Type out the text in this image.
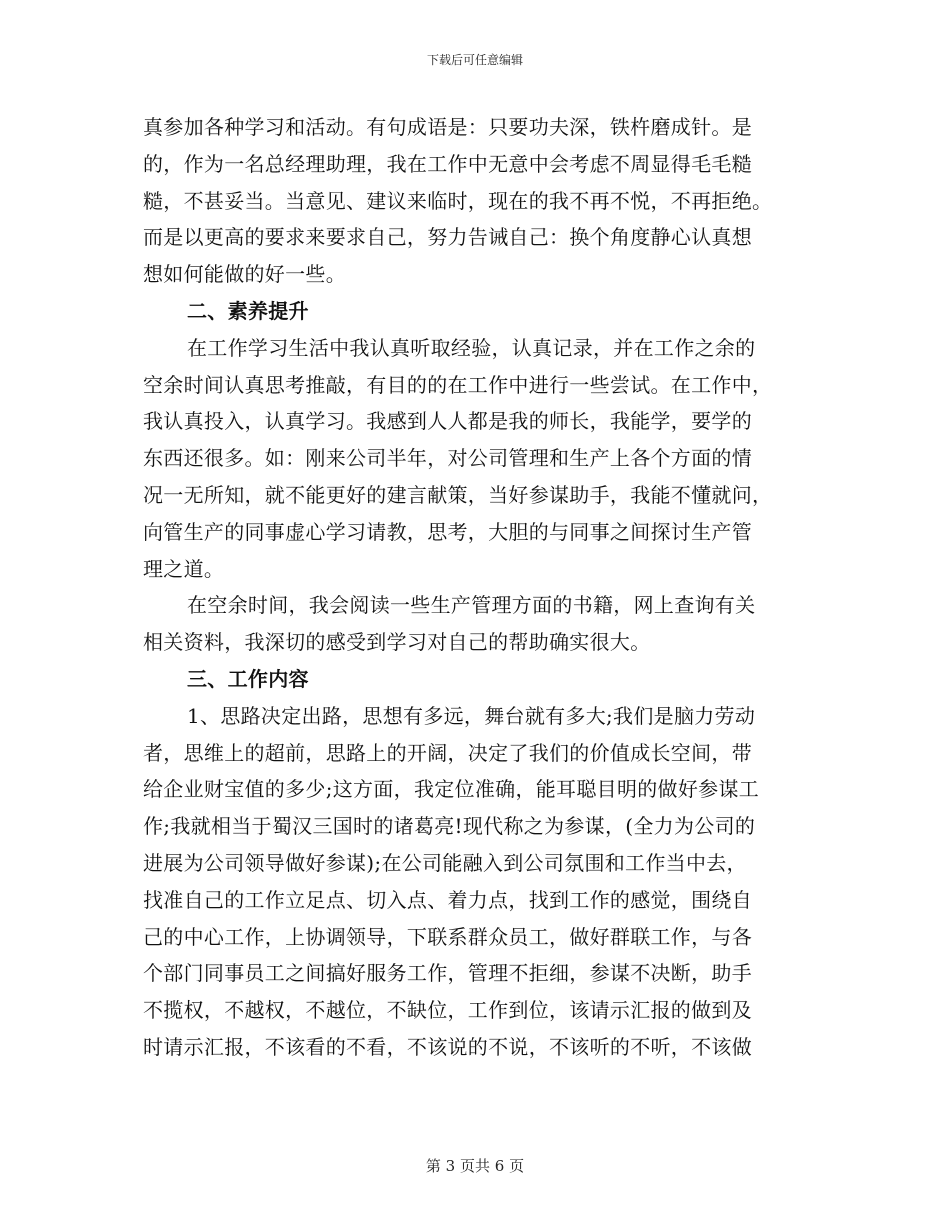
下载后可任意编辑
真参加各种学习和活动。有句成语是：只要功夫深，铁杵磨成针。是
的，作为一名总经理助理，我在工作中无意中会考虑不周显得毛毛糙
糙，不甚妥当。当意见、建议来临时，现在的我不再不悦，不再拒绝。
而是以更高的要求来要求自己，努力告诫自己：换个角度静心认真想
想如何能做的好一些。
二、素养提升
在工作学习生活中我认真听取经验，认真记录，并在工作之余的
空余时间认真思考推敲，有目的的在工作中进行一些尝试。在工作中，
我认真投入，认真学习。我感到人人都是我的师长，我能学，要学的
东西还很多。如：刚来公司半年，对公司管理和生产上各个方面的情
况一无所知，就不能更好的建言献策，当好参谋助手，我能不懂就问，
向管生产的同事虚心学习请教，思考，大胆的与同事之间探讨生产管
理之道。
在空余时间，我会阅读一些生产管理方面的书籍，网上查询有关
相关资料，我深切的感受到学习对自己的帮助确实很大。
三、工作内容
1、思路决定出路，思想有多远，舞台就有多大;我们是脑力劳动
者，思维上的超前，思路上的开阔，决定了我们的价值成长空间，带
给企业财宝值的多少;这方面，我定位准确，能耳聪目明的做好参谋工
作;我就相当于蜀汉三国时的诸葛亮!现代称之为参谋，(全力为公司的
进展为公司领导做好参谋);在公司能融入到公司氛围和工作当中去，
找准自己的工作立足点、切入点、着力点，找到工作的感觉，围绕自
己的中心工作，上协调领导，下联系群众员工，做好群联工作，与各
个部门同事员工之间搞好服务工作，管理不拒细，参谋不决断，助手
不揽权，不越权，不越位，不缺位，工作到位，该请示汇报的做到及
时请示汇报，不该看的不看，不该说的不说，不该听的不听，不该做
第 3 页共 6 页
